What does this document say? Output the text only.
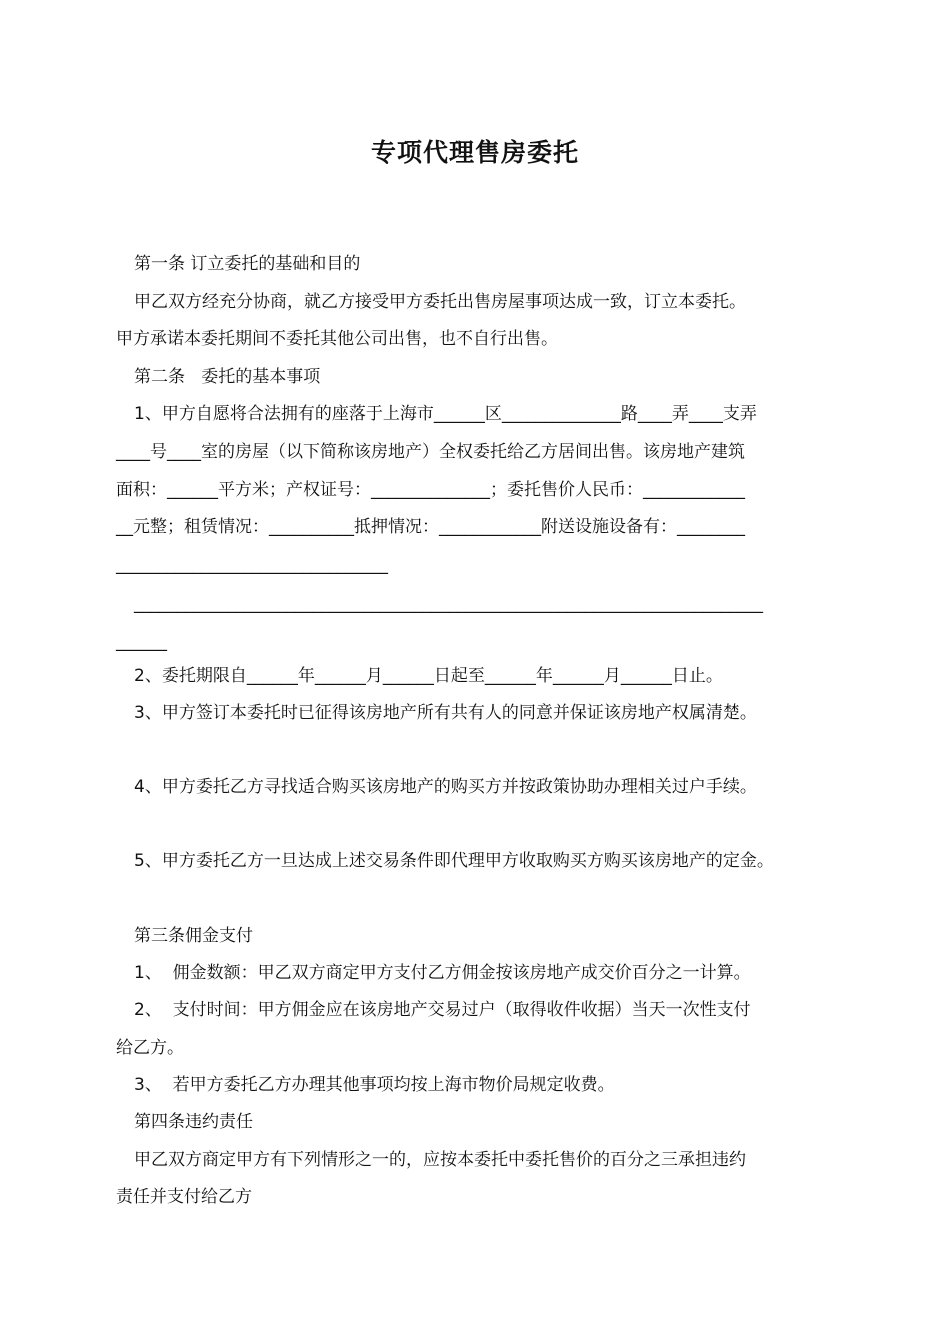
专项代理售房委托

第一条 订立委托的基础和目的

甲乙双方经充分协商，就乙方接受甲方委托出售房屋事项达成一致，订立本委托。

甲方承诺本委托期间不委托其他公司出售，也不自行出售。

第二条   委托的基本事项

1、甲方自愿将合法拥有的座落于上海市______区______________路____弄____支弄

____号____室的房屋（以下简称该房地产）全权委托给乙方居间出售。该房地产建筑

面积：______平方米；产权证号：______________；委托售价人民币：____________

__元整；租赁情况：__________抵押情况：____________附送设施设备有：________

________________________________

__________________________________________________________________________

______

2、委托期限自______年______月______日起至______年______月______日止。

3、甲方签订本委托时已征得该房地产所有共有人的同意并保证该房地产权属清楚。

4、甲方委托乙方寻找适合购买该房地产的购买方并按政策协助办理相关过户手续。

5、甲方委托乙方一旦达成上述交易条件即代理甲方收取购买方购买该房地产的定金。

第三条佣金支付

1、  佣金数额：甲乙双方商定甲方支付乙方佣金按该房地产成交价百分之一计算。

2、  支付时间：甲方佣金应在该房地产交易过户（取得收件收据）当天一次性支付

给乙方。

3、  若甲方委托乙方办理其他事项均按上海市物价局规定收费。

第四条违约责任

甲乙双方商定甲方有下列情形之一的，应按本委托中委托售价的百分之三承担违约

责任并支付给乙方
